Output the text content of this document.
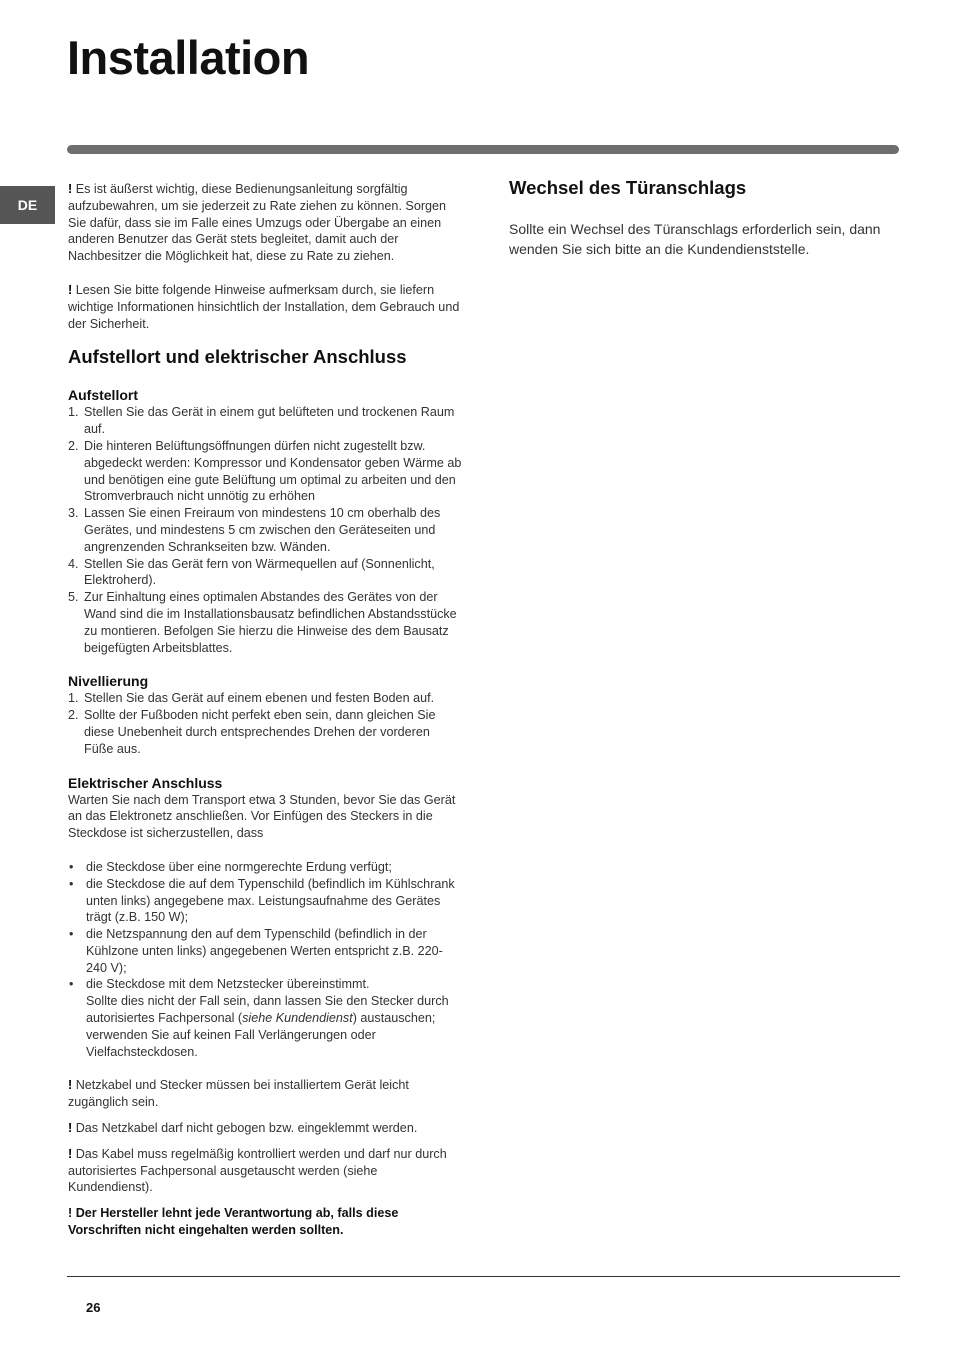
Installation
DE

! Es ist äußerst wichtig, diese Bedienungsanleitung sorgfältig aufzubewahren, um sie jederzeit zu Rate ziehen zu können. Sorgen Sie dafür, dass sie im Falle eines Umzugs oder Übergabe an einen anderen Benutzer das Gerät stets begleitet, damit auch der Nachbesitzer die Möglichkeit hat, diese zu Rate zu ziehen.

! Lesen Sie bitte folgende Hinweise aufmerksam durch, sie liefern wichtige Informationen hinsichtlich der Installation, dem Gebrauch und der Sicherheit.

Aufstellort und elektrischer Anschluss
Aufstellort
1. Stellen Sie das Gerät in einem gut belüfteten und trockenen Raum auf.
2. Die hinteren Belüftungsöffnungen dürfen nicht zugestellt bzw. abgedeckt werden: Kompressor und Kondensator geben Wärme ab und benötigen eine gute Belüftung um optimal zu arbeiten und den Stromverbrauch nicht unnötig zu erhöhen
3. Lassen Sie einen Freiraum von mindestens 10 cm oberhalb des Gerätes, und mindestens 5 cm zwischen den Geräteseiten und angrenzenden Schrankseiten bzw. Wänden.
4. Stellen Sie das Gerät fern von Wärmequellen auf (Sonnenlicht, Elektroherd).
5. Zur Einhaltung eines optimalen Abstandes des Gerätes von der Wand sind die im Installationsbausatz befindlichen Abstandsstücke zu montieren. Befolgen Sie hierzu die Hinweise des dem Bausatz beigefügten Arbeitsblattes.
Nivellierung
1. Stellen Sie das Gerät auf einem ebenen und festen Boden auf.
2. Sollte der Fußboden nicht perfekt eben sein, dann gleichen Sie diese Unebenheit durch entsprechendes Drehen der vorderen Füße aus.
Elektrischer Anschluss

Warten Sie nach dem Transport etwa 3 Stunden, bevor Sie das Gerät an das Elektronetz anschließen. Vor Einfügen des Steckers in die Steckdose ist sicherzustellen, dass

• die Steckdose über eine normgerechte Erdung verfügt;
• die Steckdose die auf dem Typenschild (befindlich im Kühlschrank unten links) angegebene max. Leistungsaufnahme des Gerätes trägt (z.B. 150 W);
• die Netzspannung den auf dem Typenschild (befindlich in der Kühlzone unten links) angegebenen Werten entspricht z.B. 220-240 V);
• die Steckdose mit dem Netzstecker übereinstimmt.
Sollte dies nicht der Fall sein, dann lassen Sie den Stecker durch autorisiertes Fachpersonal (siehe Kundendienst) austauschen; verwenden Sie auf keinen Fall Verlängerungen oder Vielfachsteckdosen.

! Netzkabel und Stecker müssen bei installiertem Gerät leicht zugänglich sein.

! Das Netzkabel darf nicht gebogen bzw. eingeklemmt werden.

! Das Kabel muss regelmäßig kontrolliert werden und darf nur durch autorisiertes Fachpersonal ausgetauscht werden (siehe Kundendienst).

! Der Hersteller lehnt jede Verantwortung ab, falls diese Vorschriften nicht eingehalten werden sollten.

Wechsel des Türanschlags

Sollte ein Wechsel des Türanschlags erforderlich sein, dann wenden Sie sich bitte an die Kundendienststelle.

26
